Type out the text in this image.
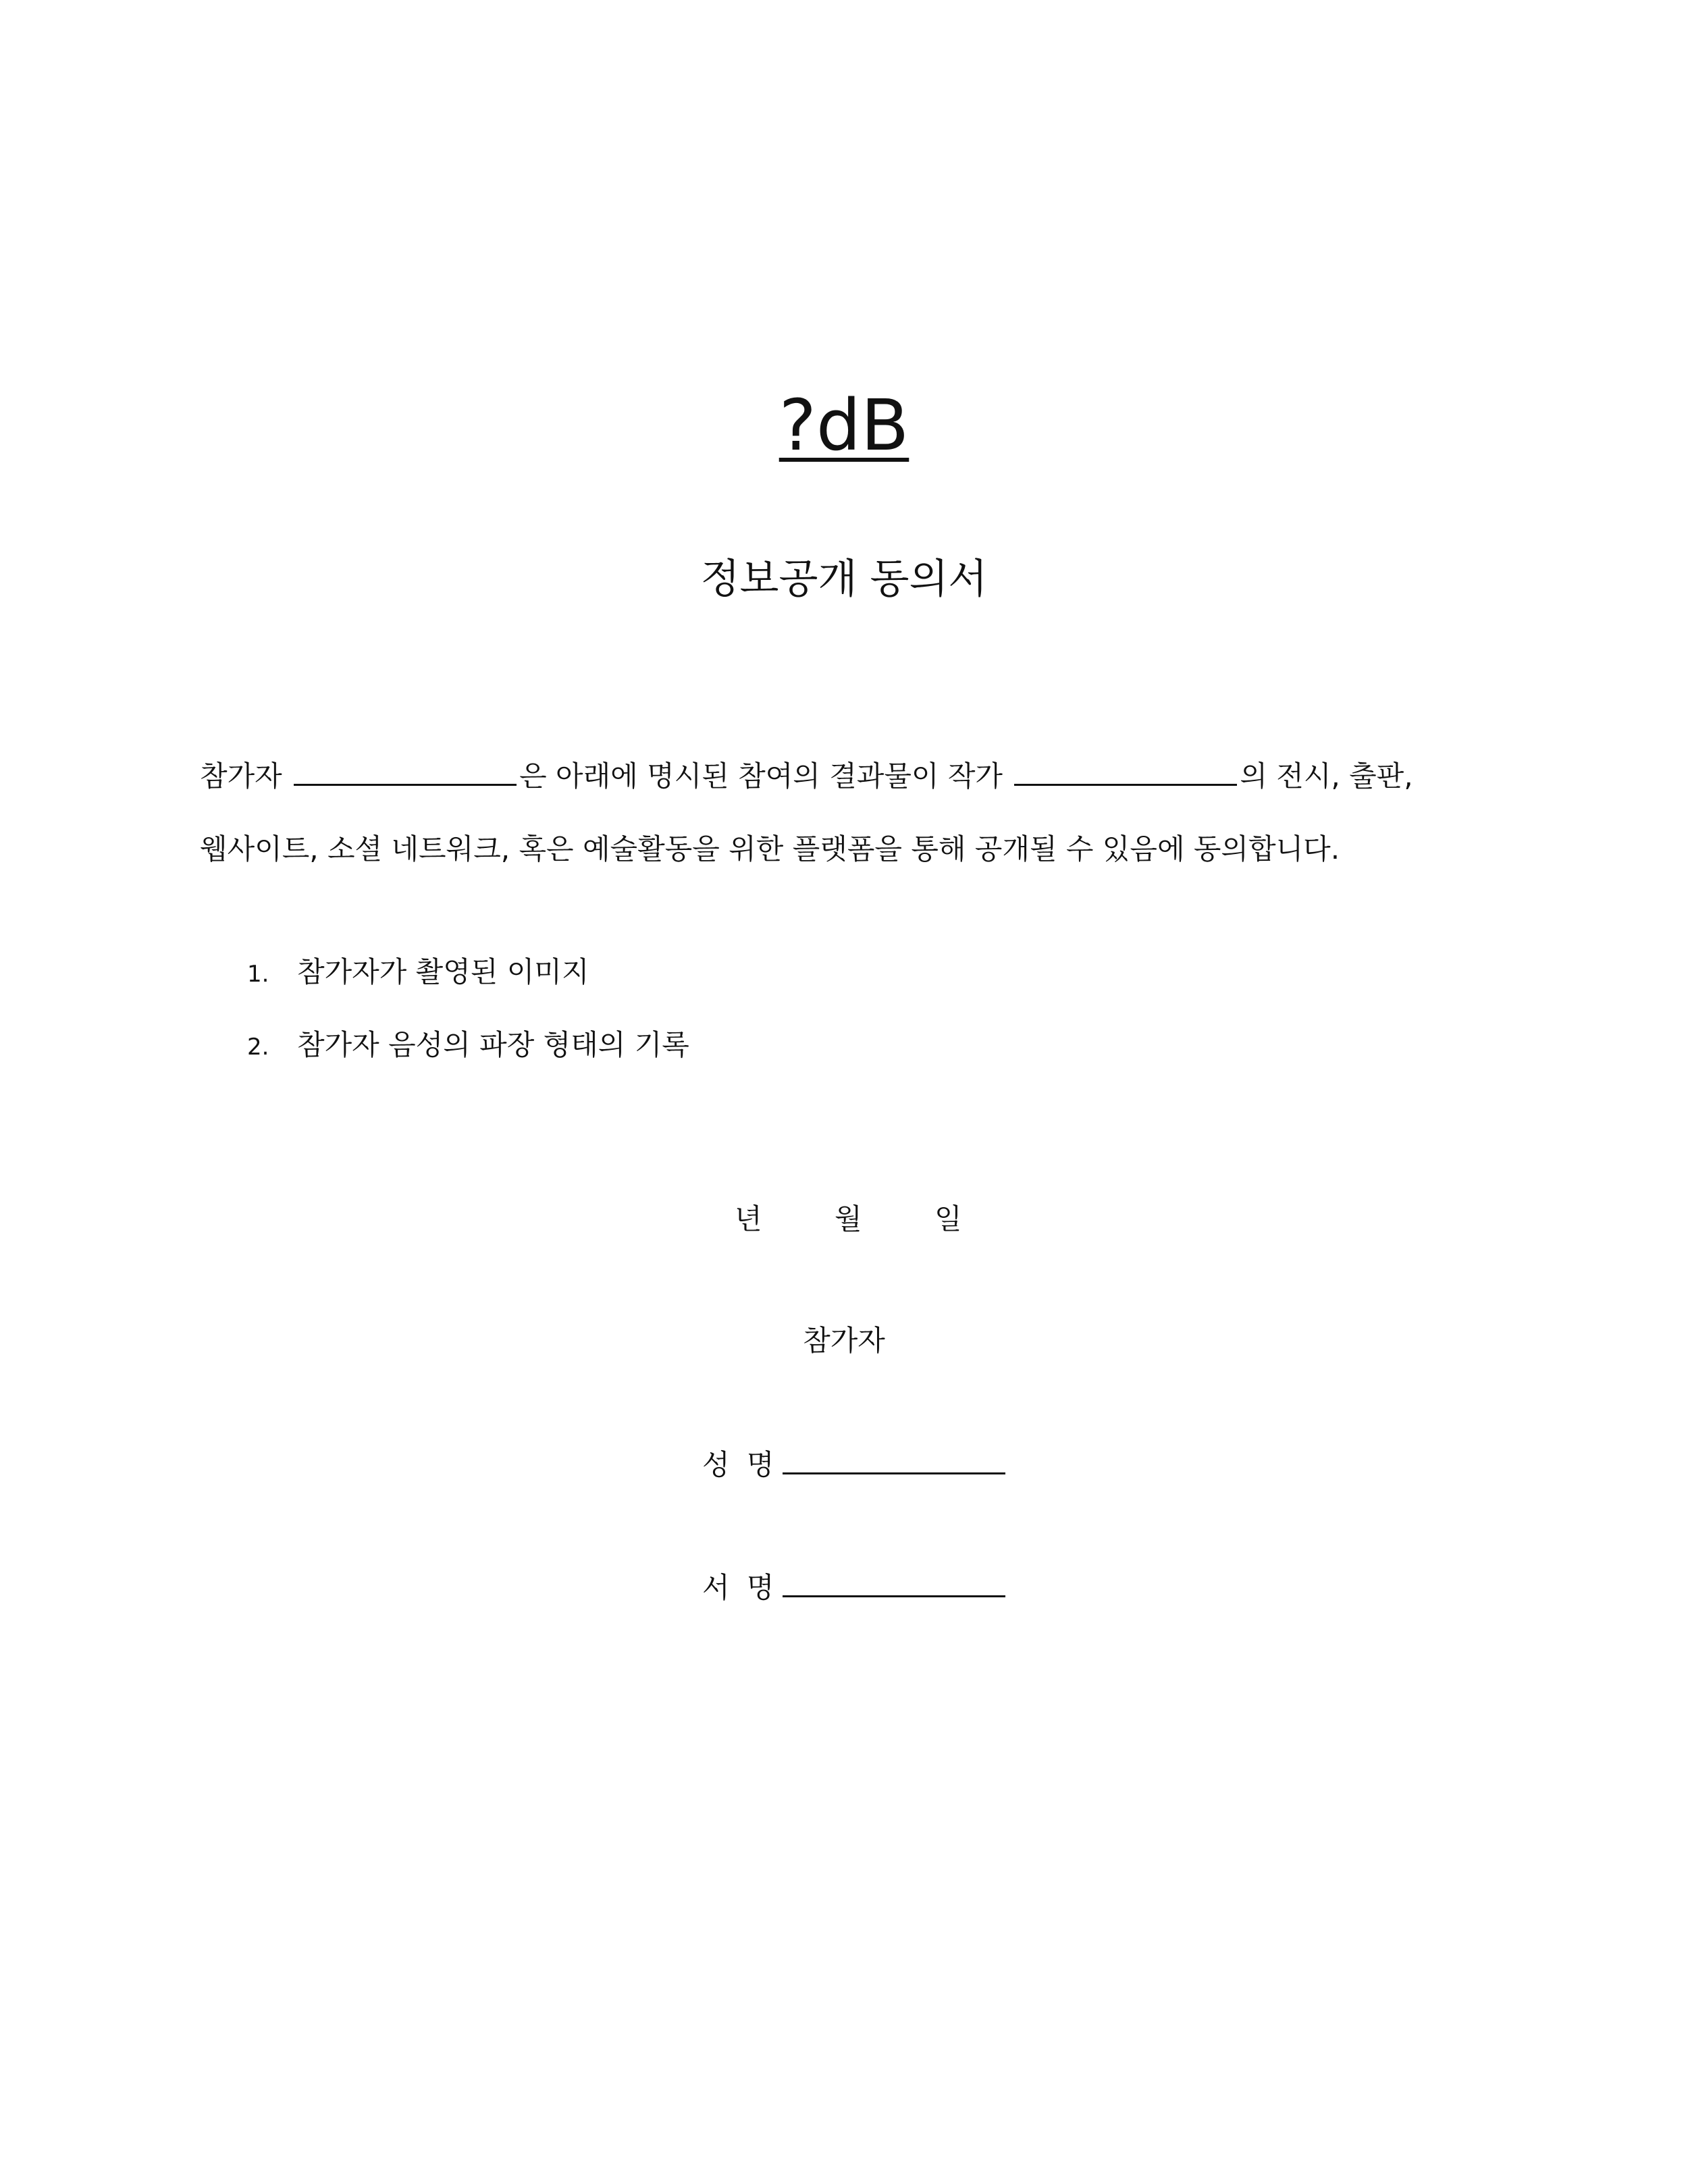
?dB
정보공개 동의서
참가자	은 아래에 명시된 참여의 결과물이 작가	의 전시, 출판,
웹사이트, 소셜 네트워크, 혹은 예술활동을 위한 플랫폼을 통해 공개될 수 있음에 동의합니다.
1. 참가자가 촬영된 이미지
2. 참가자 음성의 파장 형태의 기록
년	월	일
참가자
성 명
서 명
